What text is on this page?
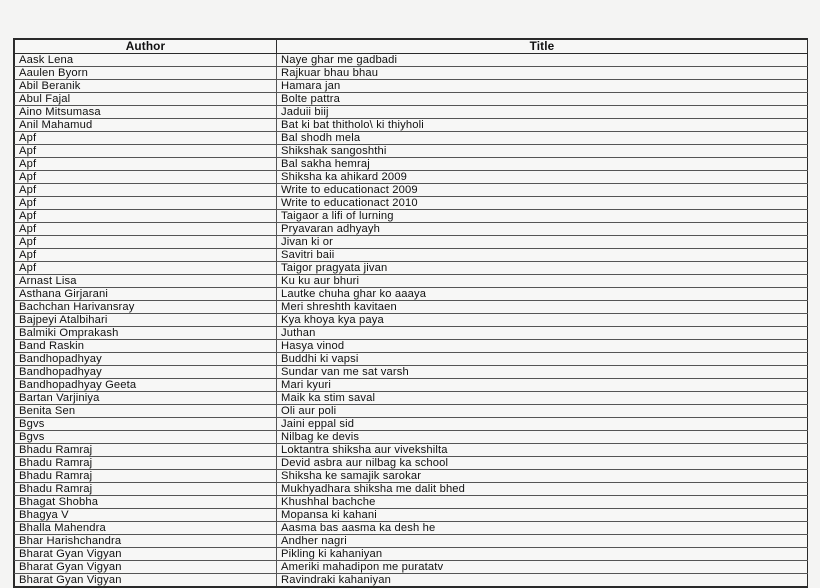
Author	Title
Aask Lena	Naye ghar me gadbadi
Aaulen Byorn	Rajkuar bhau bhau
Abil Beranik	Hamara jan
Abul Fajal	Bolte pattra
Aino Mitsumasa	Jaduii biij
Anil Mahamud	Bat ki bat thitholo\ ki thiyholi
Apf	Bal shodh mela
Apf	Shikshak sangoshthi
Apf	Bal sakha hemraj
Apf	Shiksha ka ahikard 2009
Apf	Write to educationact 2009
Apf	Write to educationact 2010
Apf	Taigaor a lifi of lurning
Apf	Pryavaran adhyayh
Apf	Jivan ki or
Apf	Savitri baii
Apf	Taigor pragyata jivan
Arnast Lisa	Ku ku aur bhuri
Asthana Girjarani	Lautke chuha ghar ko aaaya
Bachchan Harivansray	Meri shreshth kavitaen
Bajpeyi Atalbihari	Kya khoya kya paya
Balmiki Omprakash	Juthan
Band Raskin	Hasya vinod
Bandhopadhyay	Buddhi ki vapsi
Bandhopadhyay	Sundar van me sat varsh
Bandhopadhyay Geeta	Mari kyuri
Bartan Varjiniya	Maik ka stim saval
Benita Sen	Oli aur poli
Bgvs	Jaini eppal sid
Bgvs	Nilbag ke devis
Bhadu Ramraj	Loktantra shiksha aur vivekshilta
Bhadu Ramraj	Devid asbra aur nilbag ka school
Bhadu Ramraj	Shiksha ke samajik sarokar
Bhadu Ramraj	Mukhyadhara shiksha me dalit bhed
Bhagat Shobha	Khushhal bachche
Bhagya V	Mopansa ki kahani
Bhalla Mahendra	Aasma bas aasma ka desh he
Bhar Harishchandra	Andher nagri
Bharat Gyan Vigyan	Pikling ki kahaniyan
Bharat Gyan Vigyan	Ameriki mahadipon me puratatv
Bharat Gyan Vigyan	Ravindraki kahaniyan
